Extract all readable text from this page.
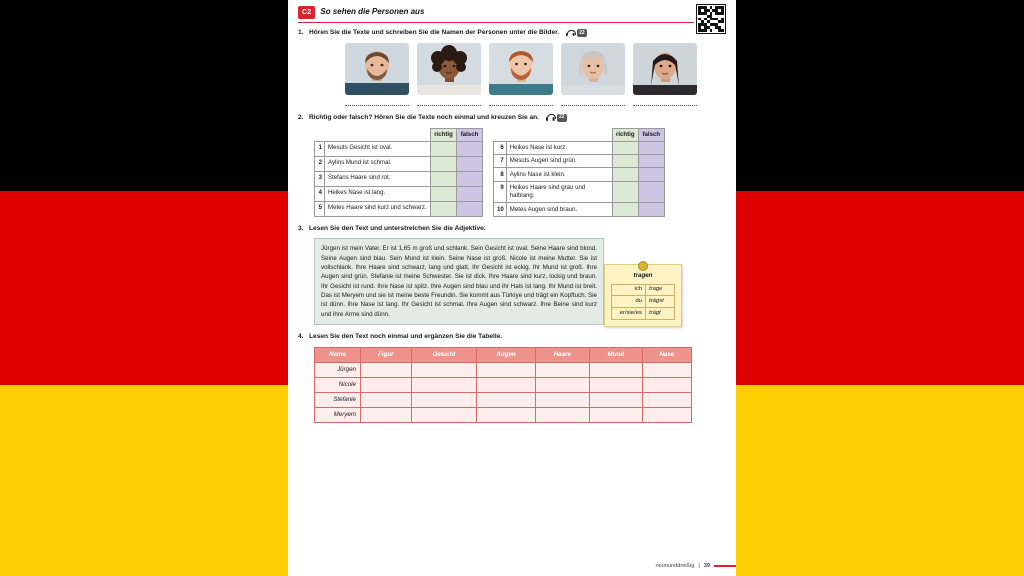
C2	So sehen die Personen aus
1. Hören Sie die Texte und schreiben Sie die Namen der Personen unter die Bilder.	22
2. Richtig oder falsch? Hören Sie die Texte noch einmal und kreuzen Sie an.	22
		richtig	falsch
1	Mesuts Gesicht ist oval.		
2	Aylins Mund ist schmal.		
3	Stefans Haare sind rot.		
4	Heikes Nase ist lang.		
5	Metes Haare sind kurz und schwarz.		
		richtig	falsch
6	Heikes Nase ist kurz.		
7	Mesuts Augen sind grün.		
8	Aylins Nase ist klein.		
9	Heikes Haare sind grau und halblang.		
10	Metes Augen sind braun.		
3. Lesen Sie den Text und unterstreichen Sie die Adjektive.
Jürgen ist mein Vater. Er ist 1,65 m groß und schlank. Sein Gesicht ist oval. Seine Haare sind blond. Seine Augen sind blau. Sein Mund ist klein. Seine Nase ist groß. Nicole ist meine Mutter. Sie ist vollschlank. Ihre Haare sind schwarz, lang und glatt. Ihr Gesicht ist eckig. Ihr Mund ist groß. Ihre Augen sind grün. Stefanie ist meine Schwester. Sie ist dick. Ihre Haare sind kurz, lockig und braun. Ihr Gesicht ist rund. Ihre Nase ist spitz. Ihre Augen sind blau und ihr Hals ist lang. Ihr Mund ist breit. Das ist Meryem und sie ist meine beste Freundin. Sie kommt aus Türkiye und trägt ein Kopftuch. Sie ist dünn. Ihre Nase ist lang. Ihr Gesicht ist schmal. Ihre Augen sind schwarz. Ihre Beine sind kurz und ihre Arme sind dünn.
tragen
ich	trage
du	trägst
er/sie/es	trägt
4. Lesen Sie den Text noch einmal und ergänzen Sie die Tabelle.
Name	Figur	Gesicht	Augen	Haare	Mund	Nase
Jürgen						
Nicole						
Stefanie						
Meryem						
neununddreißig | 39
